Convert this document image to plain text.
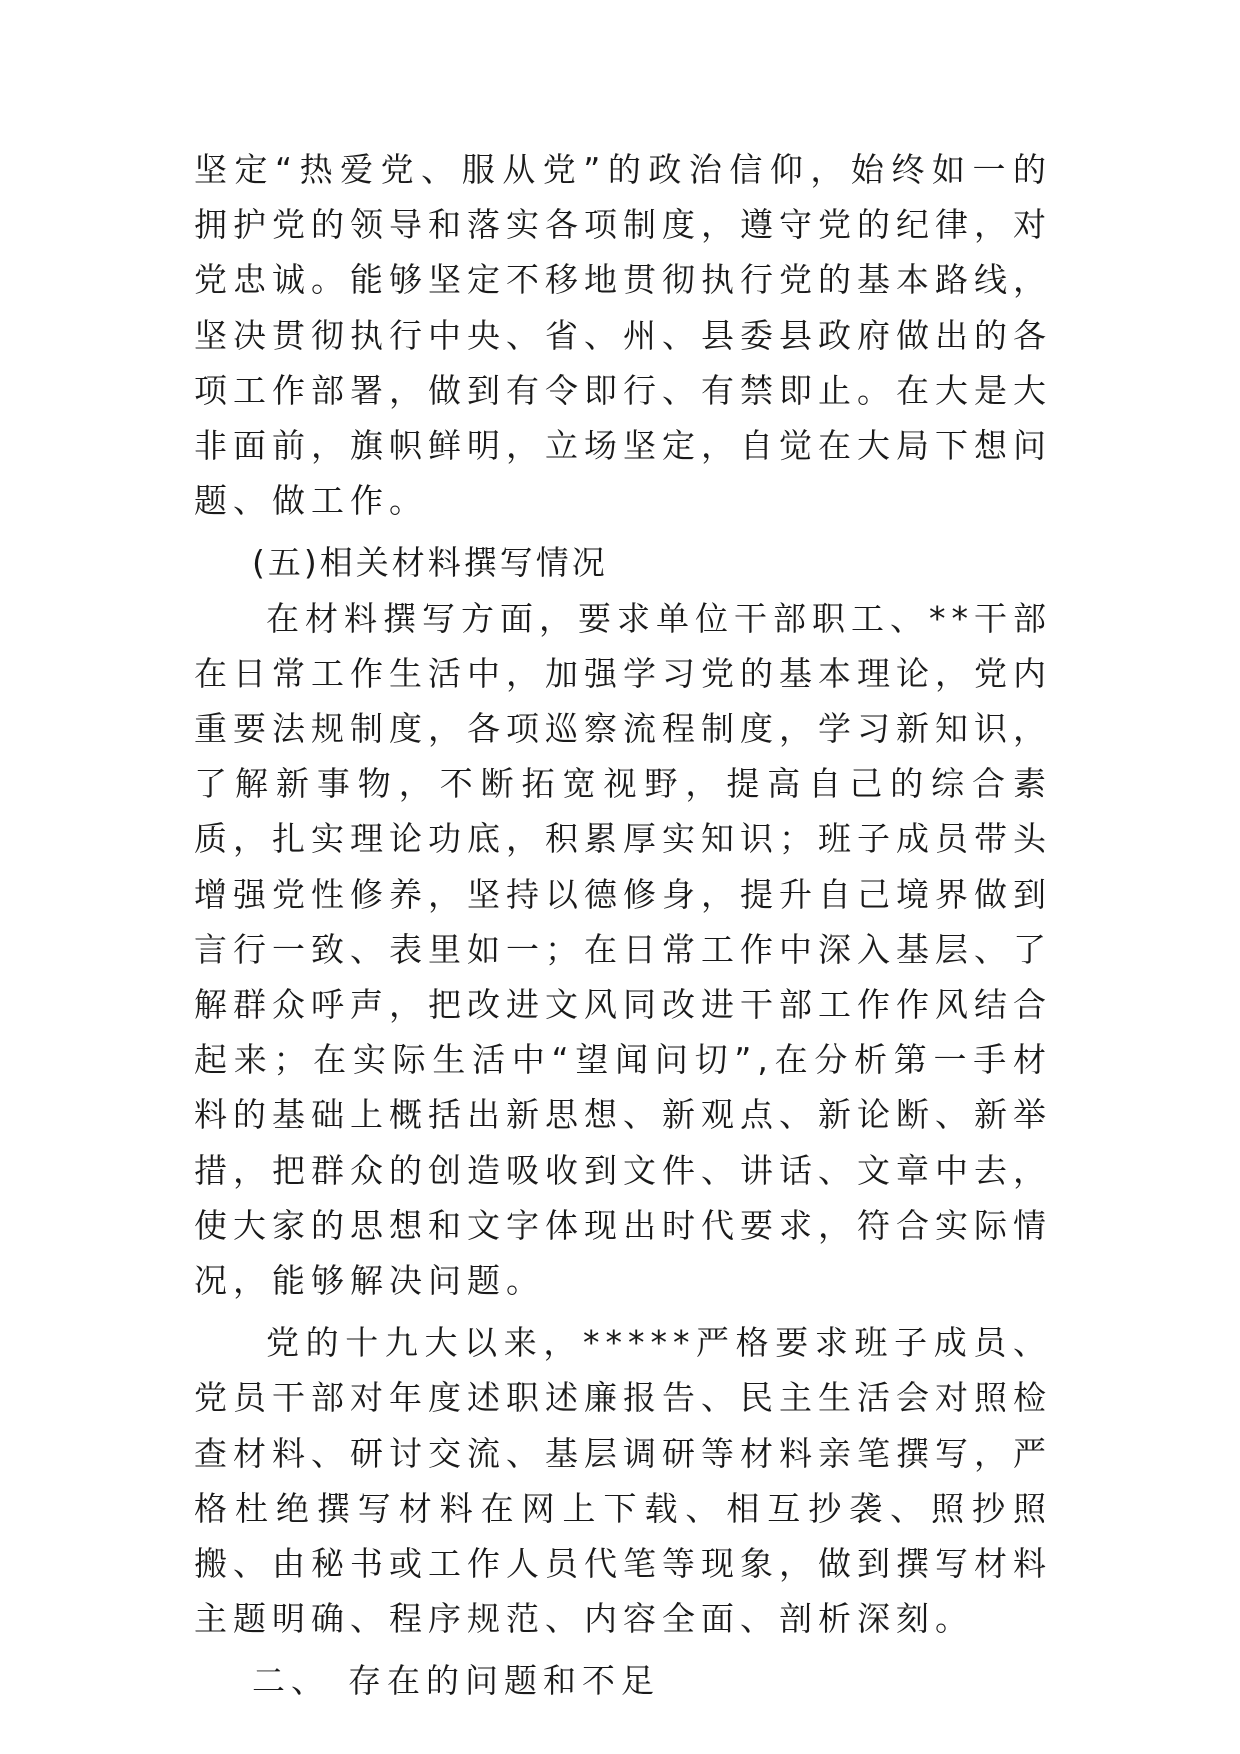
坚定“热爱党、服从党”的政治信仰，始终如一的拥护党的领导和落实各项制度，遵守党的纪律，对党忠诚。能够坚定不移地贯彻执行党的基本路线，坚决贯彻执行中央、省、州、县委县政府做出的各项工作部署，做到有令即行、有禁即止。在大是大非面前，旗帜鲜明，立场坚定，自觉在大局下想问题、做工作。

(五)相关材料撰写情况

在材料撰写方面，要求单位干部职工、**干部在日常工作生活中，加强学习党的基本理论，党内重要法规制度，各项巡察流程制度，学习新知识，了解新事物，不断拓宽视野，提高自己的综合素质，扎实理论功底，积累厚实知识；班子成员带头增强党性修养，坚持以德修身，提升自己境界做到言行一致、表里如一；在日常工作中深入基层、了解群众呼声，把改进文风同改进干部工作作风结合起来；在实际生活中“望闻问切”,在分析第一手材料的基础上概括出新思想、新观点、新论断、新举措，把群众的创造吸收到文件、讲话、文章中去，使大家的思想和文字体现出时代要求，符合实际情况，能够解决问题。

党的十九大以来，*****严格要求班子成员、党员干部对年度述职述廉报告、民主生活会对照检查材料、研讨交流、基层调研等材料亲笔撰写，严格杜绝撰写材料在网上下载、相互抄袭、照抄照搬、由秘书或工作人员代笔等现象，做到撰写材料主题明确、程序规范、内容全面、剖析深刻。

二、 存在的问题和不足
